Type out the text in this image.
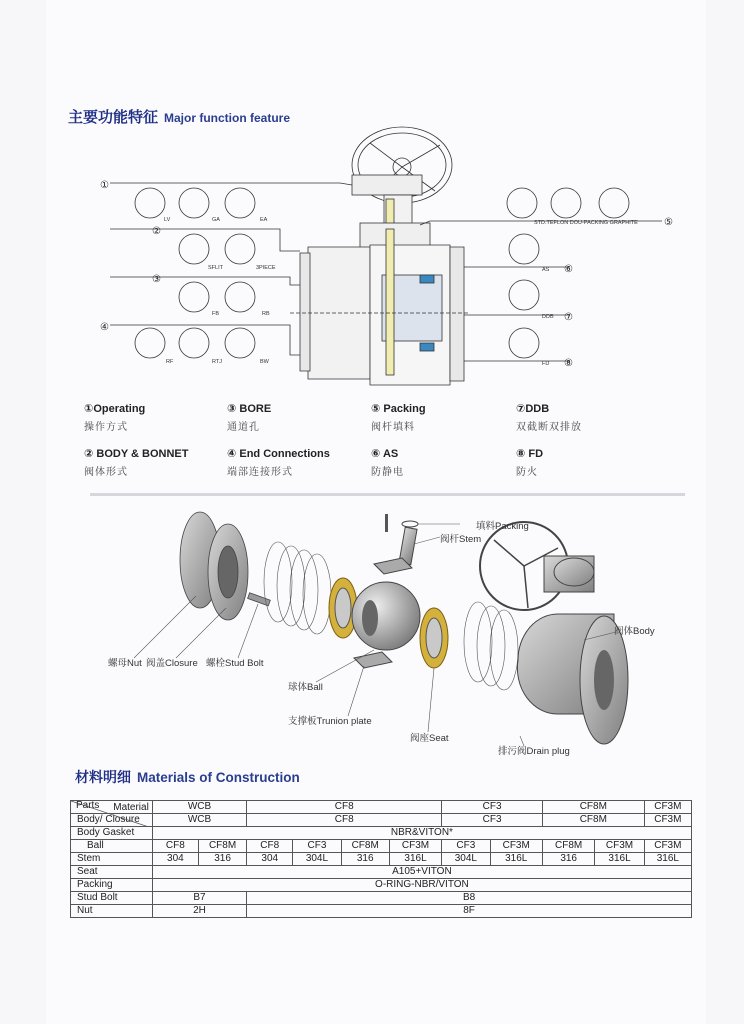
主要功能特征 Major function feature
①
②
③
④
⑤
⑥
⑦
⑧
LV	GA	EA
SFLIT	3PIECE
FB	RB
RF	RTJ	BW
STD.TEFLON DOU-PACKING GRAPHITE
AS
DDB
FD
①Operating
操作方式
③ BORE
通道孔
⑤ Packing
阀杆填料
⑦DDB
双截断双排放
② BODY & BONNET
阀体形式
④ End Connections
端部连接形式
⑥ AS
防静电
⑧ FD
防火
填料Packing
阀杆Stem
阀体Body
螺母Nut 阀盖Closure 螺栓Stud Bolt
球体Ball
支撑板Trunion plate
阀座Seat
排污阀Drain plug
材料明细 Materials of Construction
Material
Parts	WCB		CF8				CF3		CF8M		CF3M
Body/ Closure	WCB		CF8				CF3		CF8M		CF3M
Body Gasket	NBR&VITON*										
Ball	CF8	CF8M	CF8	CF3	CF8M	CF3M	CF3	CF3M	CF8M	CF3M	CF3M
Stem	304	316	304	304L	316	316L	304L	316L	316	316L	316L
Seat	A105+VITON										
Packing	O-RING-NBR/VITON										
Stud Bolt	B7		B8								
Nut	2H		8F								
